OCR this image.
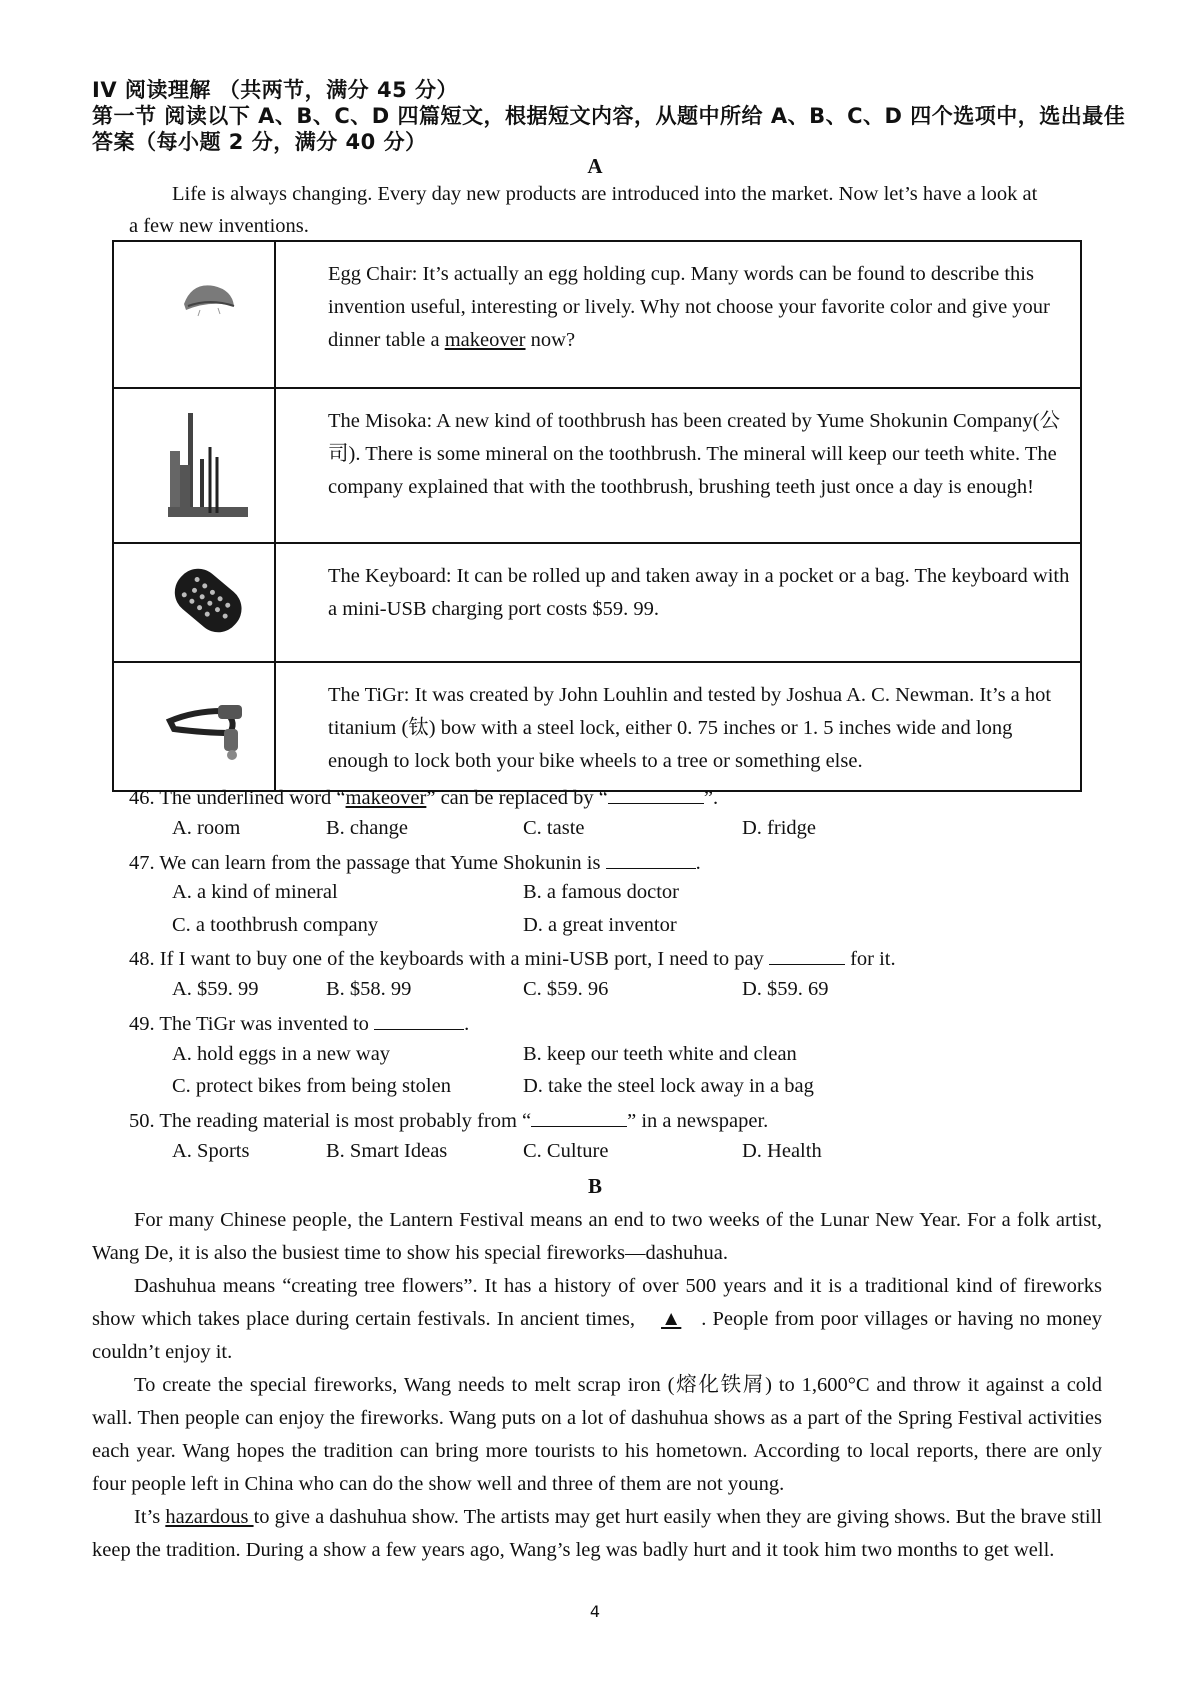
IV 阅读理解 （共两节，满分 45 分）
第一节 阅读以下 A、B、C、D 四篇短文，根据短文内容，从题中所给 A、B、C、D 四个选项中，选出最佳
答案（每小题 2 分，满分 40 分）
A
Life is always changing. Every day new products are introduced into the market. Now let’s have a look at
a few new inventions.
	Egg Chair: It’s actually an egg holding cup. Many words can be found to describe this invention useful, interesting or lively. Why not choose your favorite color and give your dinner table a makeover now?
	The Misoka: A new kind of toothbrush has been created by Yume Shokunin Company(公司). There is some mineral on the toothbrush. The mineral will keep our teeth white. The company explained that with the toothbrush, brushing teeth just once a day is enough!
	The Keyboard: It can be rolled up and taken away in a pocket or a bag. The keyboard with a mini-USB charging port costs $59. 99.
	The TiGr: It was created by John Louhlin and tested by Joshua A. C. Newman. It’s a hot titanium (钛) bow with a steel lock, either 0. 75 inches or 1. 5 inches wide and long enough to lock both your bike wheels to a tree or something else.
46. The underlined word “makeover” can be replaced by “	”.
A. room	B. change	C. taste	D. fridge
47. We can learn from the passage that Yume Shokunin is	.
A. a kind of mineral	B. a famous doctor
C. a toothbrush company	D. a great inventor
48. If I want to buy one of the keyboards with a mini-USB port, I need to pay	for it.
A. $59. 99	B. $58. 99	C. $59. 96	D. $59. 69
49. The TiGr was invented to	.
A. hold eggs in a new way	B. keep our teeth white and clean
C. protect bikes from being stolen	D. take the steel lock away in a bag
50. The reading material is most probably from “	” in a newspaper.
A. Sports	B. Smart Ideas	C. Culture	D. Health
B

For many Chinese people, the Lantern Festival means an end to two weeks of the Lunar New Year. For a folk artist, Wang De, it is also the busiest time to show his special fireworks—dashuhua.

Dashuhua means “creating tree flowers”. It has a history of over 500 years and it is a traditional kind of fireworks show which takes place during certain festivals. In ancient times, ▲ . People from poor villages or having no money couldn’t enjoy it.

To create the special fireworks, Wang needs to melt scrap iron (熔化铁屑) to 1,600°C and throw it against a cold wall. Then people can enjoy the fireworks. Wang puts on a lot of dashuhua shows as a part of the Spring Festival activities each year. Wang hopes the tradition can bring more tourists to his hometown. According to local reports, there are only four people left in China who can do the show well and three of them are not young.

It’s hazardous to give a dashuhua show. The artists may get hurt easily when they are giving shows. But the brave still keep the tradition. During a show a few years ago, Wang’s leg was badly hurt and it took him two months to get well.

4
